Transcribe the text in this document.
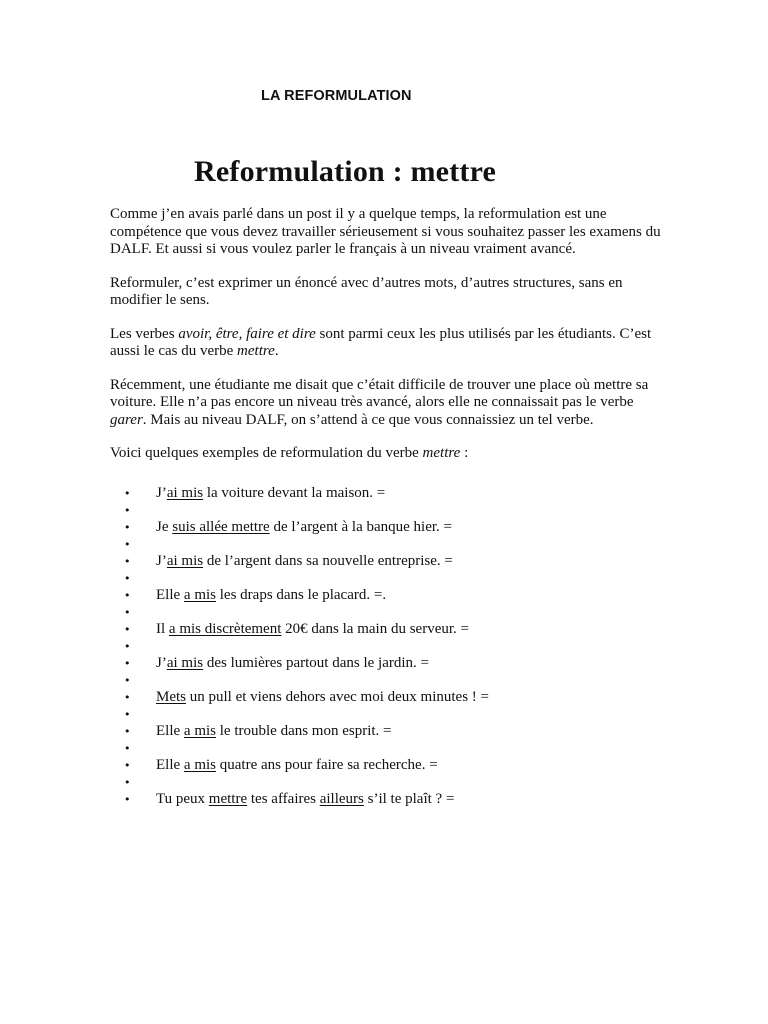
LA REFORMULATION
Reformulation : mettre

Comme j’en avais parlé dans un post il y a quelque temps, la reformulation est une compétence que vous devez travailler sérieusement si vous souhaitez passer les examens du DALF. Et aussi si vous voulez parler le français à un niveau vraiment avancé.

Reformuler, c’est exprimer un énoncé avec d’autres mots, d’autres structures, sans en modifier le sens.

Les verbes avoir, être, faire et dire sont parmi ceux les plus utilisés par les étudiants. C’est aussi le cas du verbe mettre.

Récemment, une étudiante me disait que c’était difficile de trouver une place où mettre sa voiture. Elle n’a pas encore un niveau très avancé, alors elle ne connaissait pas le verbe garer. Mais au niveau DALF, on s’attend à ce que vous connaissiez un tel verbe.

Voici quelques exemples de reformulation du verbe mettre :

• J’ai mis la voiture devant la maison. =
•
• Je suis allée mettre de l’argent à la banque hier. =
•
• J’ai mis de l’argent dans sa nouvelle entreprise. =
•
• Elle a mis les draps dans le placard. =.
•
• Il a mis discrètement 20€ dans la main du serveur. =
•
• J’ai mis des lumières partout dans le jardin. =
•
• Mets un pull et viens dehors avec moi deux minutes ! =
•
• Elle a mis le trouble dans mon esprit. =
•
• Elle a mis quatre ans pour faire sa recherche. =
•
• Tu peux mettre tes affaires ailleurs s’il te plaît ? =
